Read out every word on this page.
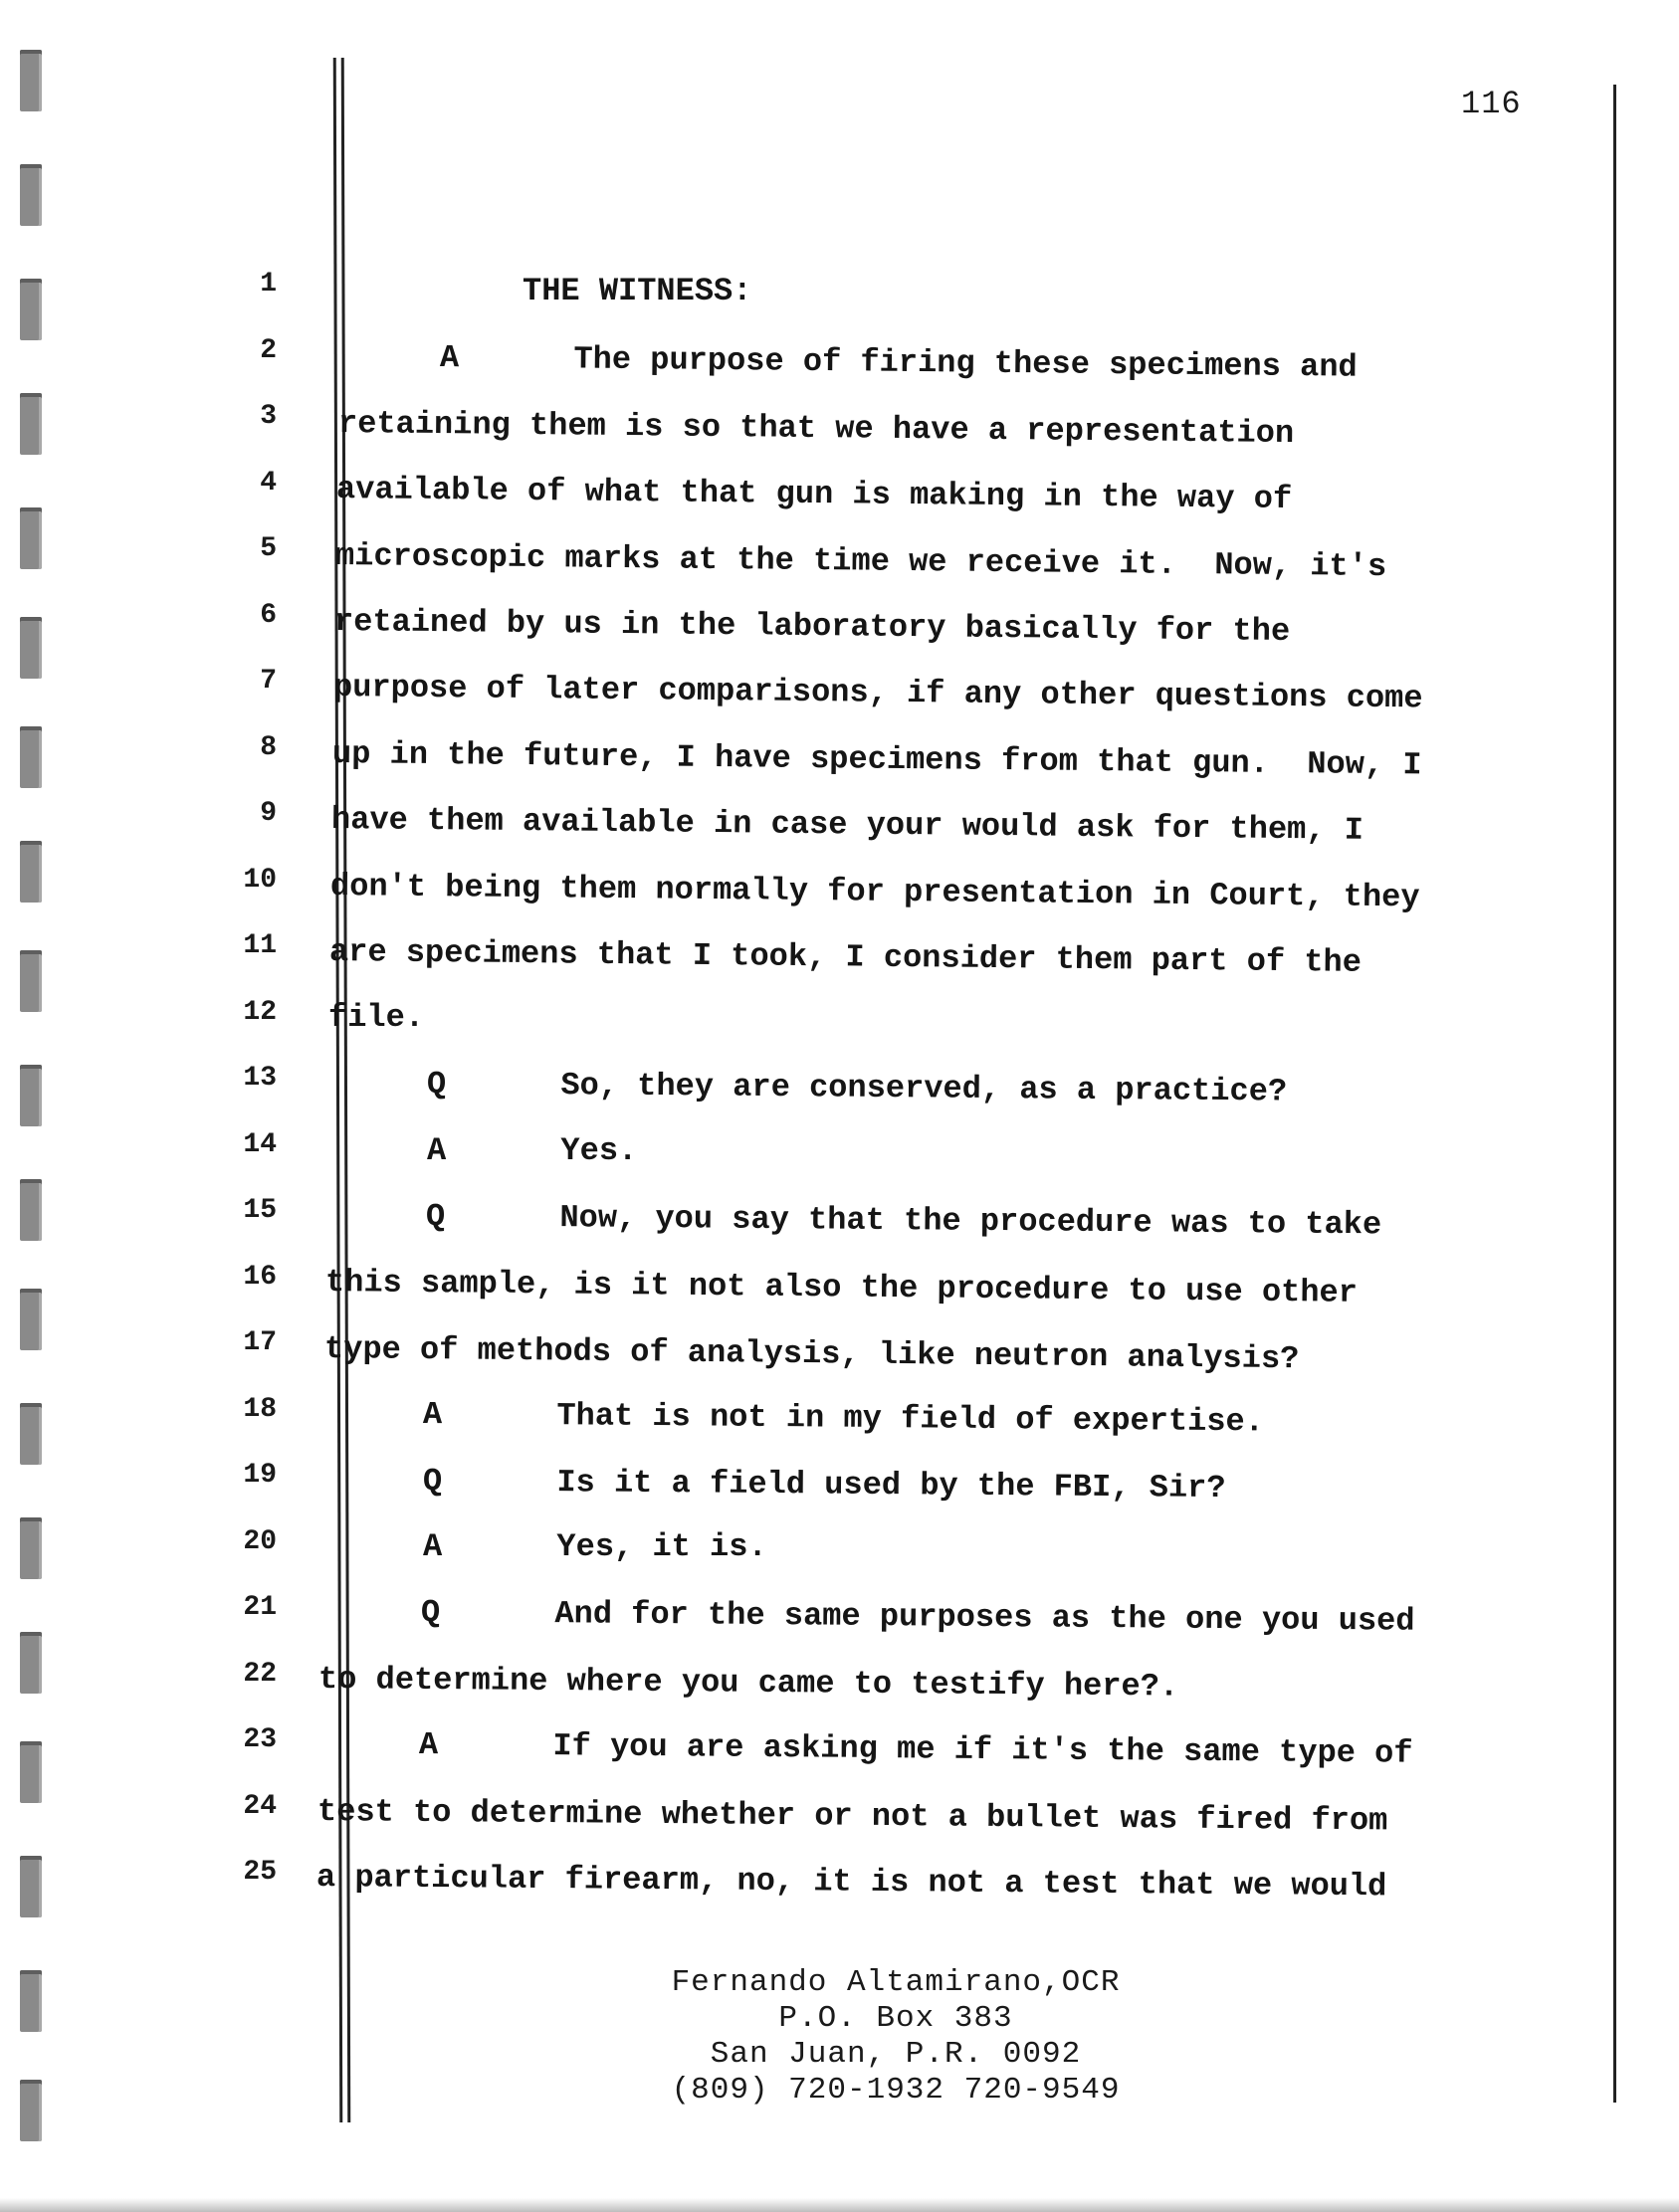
116
1
2
3
4
5
6
7
8
9
10
11
12
13
14
15
16
17
18
19
20
21
22
23
24
25
THE WITNESS:
A      The purpose of firing these specimens and
retaining them is so that we have a representation
available of what that gun is making in the way of
microscopic marks at the time we receive it.  Now, it's
retained by us in the laboratory basically for the
purpose of later comparisons, if any other questions come
up in the future, I have specimens from that gun.  Now, I
have them available in case your would ask for them, I
don't being them normally for presentation in Court, they
are specimens that I took, I consider them part of the
file.
Q      So, they are conserved, as a practice?
A      Yes.
Q      Now, you say that the procedure was to take
this sample, is it not also the procedure to use other
type of methods of analysis, like neutron analysis?
A      That is not in my field of expertise.
Q      Is it a field used by the FBI, Sir?
A      Yes, it is.
Q      And for the same purposes as the one you used
to determine where you came to testify here?.
A      If you are asking me if it's the same type of
test to determine whether or not a bullet was fired from
a particular firearm, no, it is not a test that we would
Fernando Altamirano,OCR
P.O. Box 383
San Juan, P.R. 0092
(809) 720-1932 720-9549
